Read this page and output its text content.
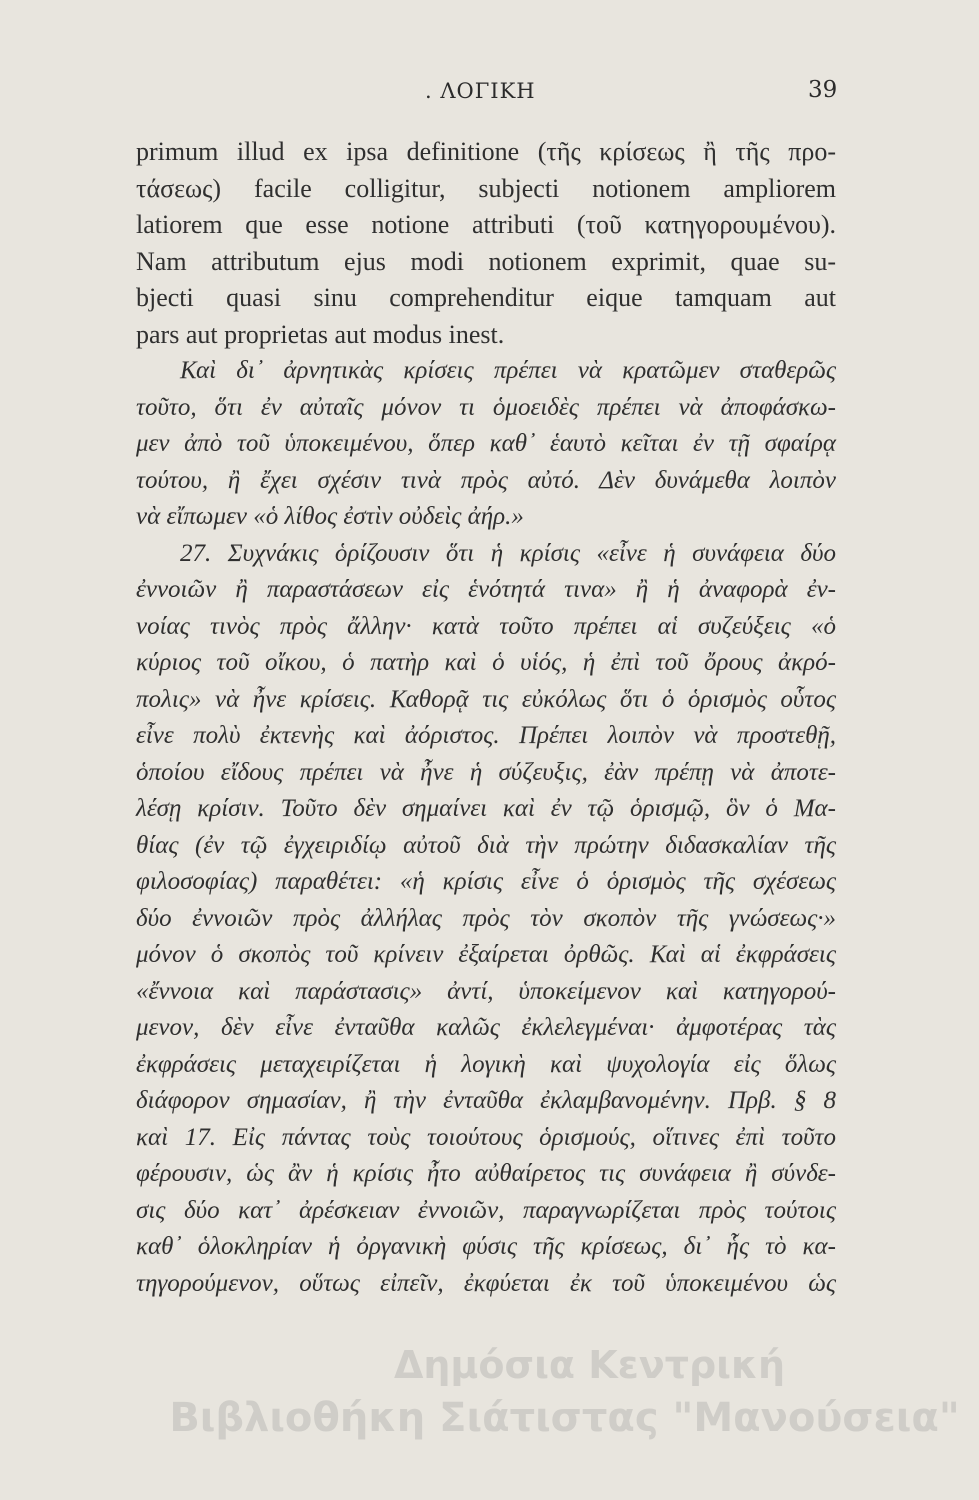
. ΛΟΓΙΚΗ	39
primum illud ex ipsa definitione (τῆς κρίσεως ἢ τῆς προ-
τάσεως) facile colligitur, subjecti notionem ampliorem
latiorem que esse notione attributi (τοῦ κατηγορουμένου).
Nam attributum ejus modi notionem exprimit, quae su-
bjecti quasi sinu comprehenditur eique tamquam aut
pars aut proprietas aut modus inest.
Καὶ δι᾽ ἀρνητικὰς κρίσεις πρέπει νὰ κρατῶμεν σταθερῶς
τοῦτο, ὅτι ἐν αὐταῖς μόνον τι ὁμοειδὲς πρέπει νὰ ἀποφάσκω-
μεν ἀπὸ τοῦ ὑποκειμένου, ὅπερ καθ᾽ ἑαυτὸ κεῖται ἐν τῇ σφαίρᾳ
τούτου, ἢ ἔχει σχέσιν τινὰ πρὸς αὐτό. Δὲν δυνάμεθα λοιπὸν
νὰ εἴπωμεν «ὁ λίθος ἐστὶν οὐδεὶς ἀήρ.»
27. Συχνάκις ὁρίζουσιν ὅτι ἡ κρίσις «εἶνε ἡ συνάφεια δύο
ἐννοιῶν ἢ παραστάσεων εἰς ἑνότητά τινα» ἢ ἡ ἀναφορὰ ἐν-
νοίας τινὸς πρὸς ἄλλην· κατὰ τοῦτο πρέπει αἱ συζεύξεις «ὁ
κύριος τοῦ οἴκου, ὁ πατὴρ καὶ ὁ υἱός, ἡ ἐπὶ τοῦ ὄρους ἀκρό-
πολις» νὰ ἦνε κρίσεις. Καθορᾷ τις εὐκόλως ὅτι ὁ ὁρισμὸς οὗτος
εἶνε πολὺ ἐκτενὴς καὶ ἀόριστος. Πρέπει λοιπὸν νὰ προστεθῇ,
ὁποίου εἴδους πρέπει νὰ ἦνε ἡ σύζευξις, ἐὰν πρέπῃ νὰ ἀποτε-
λέσῃ κρίσιν. Τοῦτο δὲν σημαίνει καὶ ἐν τῷ ὁρισμῷ, ὃν ὁ Μα-
θίας (ἐν τῷ ἐγχειριδίῳ αὐτοῦ διὰ τὴν πρώτην διδασκαλίαν τῆς
φιλοσοφίας) παραθέτει: «ἡ κρίσις εἶνε ὁ ὁρισμὸς τῆς σχέσεως
δύο ἐννοιῶν πρὸς ἀλλήλας πρὸς τὸν σκοπὸν τῆς γνώσεως·»
μόνον ὁ σκοπὸς τοῦ κρίνειν ἐξαίρεται ὀρθῶς. Καὶ αἱ ἐκφράσεις
«ἔννοια καὶ παράστασις» ἀντί, ὑποκείμενον καὶ κατηγορού-
μενον, δὲν εἶνε ἐνταῦθα καλῶς ἐκλελεγμέναι· ἀμφοτέρας τὰς
ἐκφράσεις μεταχειρίζεται ἡ λογικὴ καὶ ψυχολογία εἰς ὅλως
διάφορον σημασίαν, ἢ τὴν ἐνταῦθα ἐκλαμβανομένην. Πρβ. § 8
καὶ 17. Εἰς πάντας τοὺς τοιούτους ὁρισμούς, οἵτινες ἐπὶ τοῦτο
φέρουσιν, ὡς ἂν ἡ κρίσις ἦτο αὐθαίρετος τις συνάφεια ἢ σύνδε-
σις δύο κατ᾽ ἀρέσκειαν ἐννοιῶν, παραγνωρίζεται πρὸς τούτοις
καθ᾽ ὁλοκληρίαν ἡ ὀργανικὴ φύσις τῆς κρίσεως, δι᾽ ἧς τὸ κα-
τηγορούμενον, οὕτως εἰπεῖν, ἐκφύεται ἐκ τοῦ ὑποκειμένου ὡς
Δημόσια Κεντρική
Βιβλιοθήκη Σιάτιστας "Μανούσεια"
